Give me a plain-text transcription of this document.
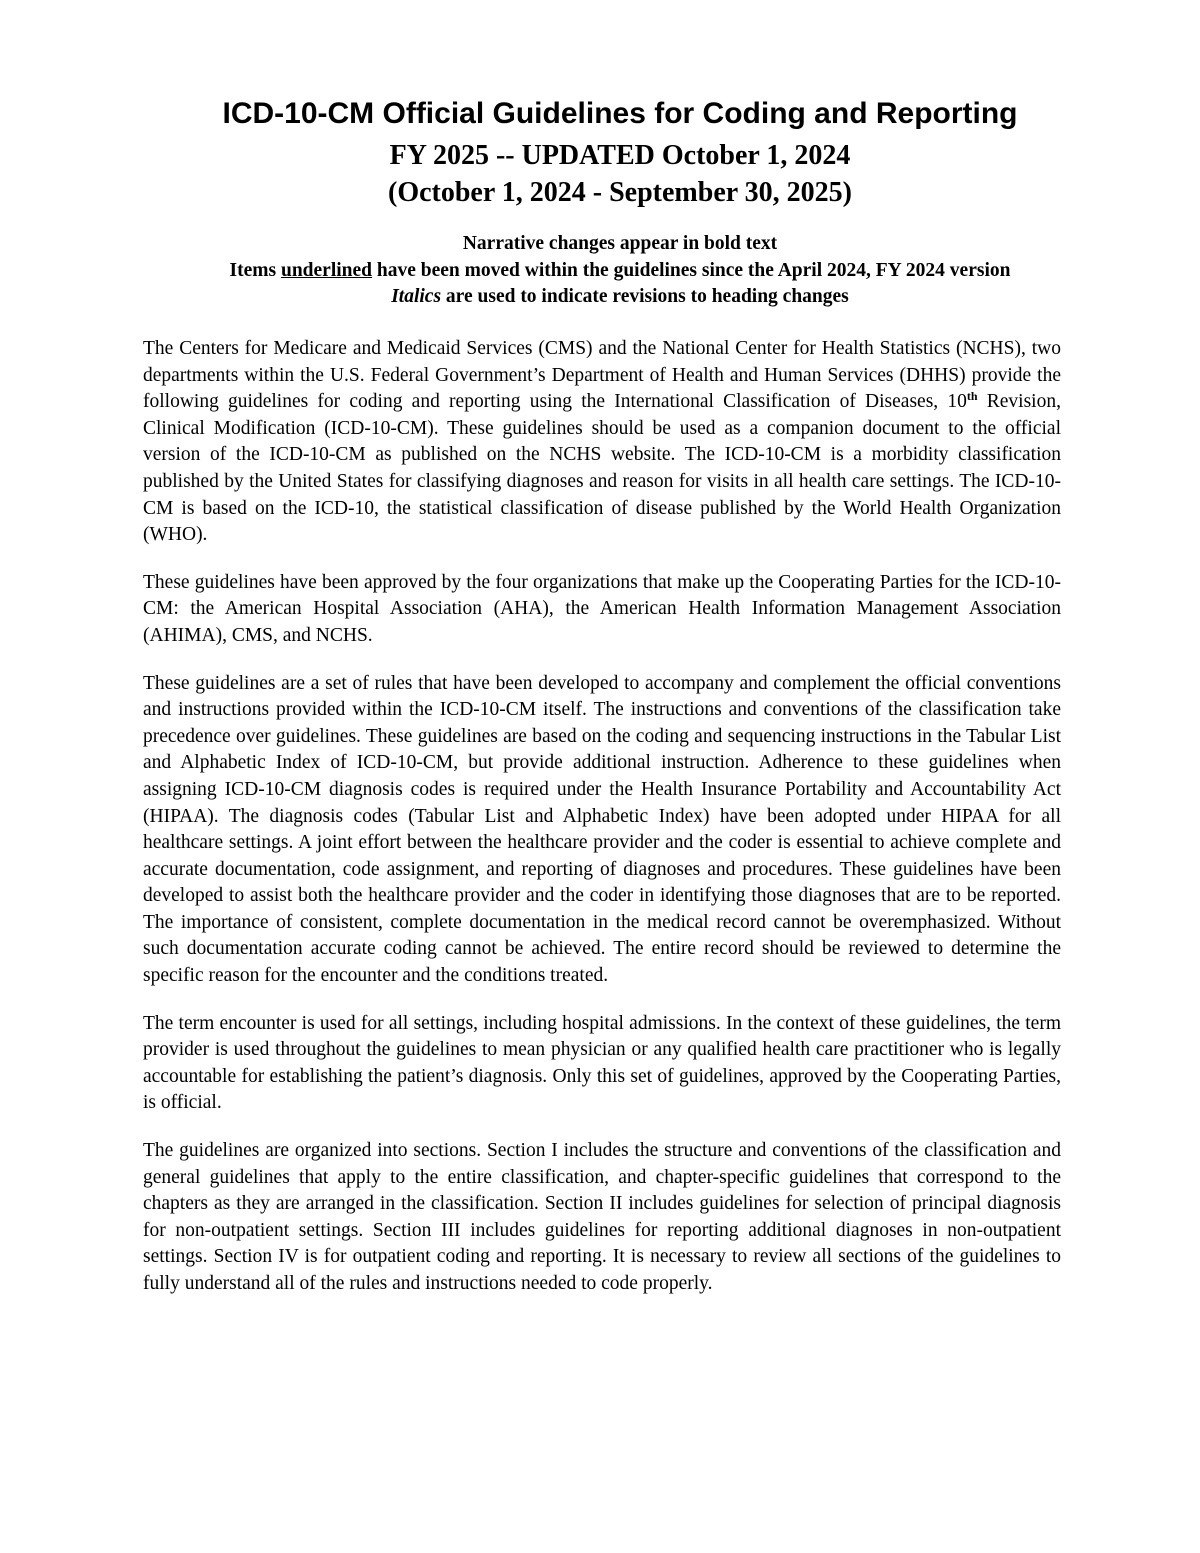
ICD-10-CM Official Guidelines for Coding and Reporting
FY 2025 -- UPDATED October 1, 2024
(October 1, 2024 - September 30, 2025)
Narrative changes appear in bold text
Items underlined have been moved within the guidelines since the April 2024, FY 2024 version
Italics are used to indicate revisions to heading changes

The Centers for Medicare and Medicaid Services (CMS) and the National Center for Health Statistics (NCHS), two departments within the U.S. Federal Government’s Department of Health and Human Services (DHHS) provide the following guidelines for coding and reporting using the International Classification of Diseases, 10th Revision, Clinical Modification (ICD-10-CM). These guidelines should be used as a companion document to the official version of the ICD-10-CM as published on the NCHS website. The ICD-10-CM is a morbidity classification published by the United States for classifying diagnoses and reason for visits in all health care settings. The ICD-10-CM is based on the ICD-10, the statistical classification of disease published by the World Health Organization (WHO).

These guidelines have been approved by the four organizations that make up the Cooperating Parties for the ICD-10-CM: the American Hospital Association (AHA), the American Health Information Management Association (AHIMA), CMS, and NCHS.

These guidelines are a set of rules that have been developed to accompany and complement the official conventions and instructions provided within the ICD-10-CM itself. The instructions and conventions of the classification take precedence over guidelines. These guidelines are based on the coding and sequencing instructions in the Tabular List and Alphabetic Index of ICD-10-CM, but provide additional instruction. Adherence to these guidelines when assigning ICD-10-CM diagnosis codes is required under the Health Insurance Portability and Accountability Act (HIPAA). The diagnosis codes (Tabular List and Alphabetic Index) have been adopted under HIPAA for all healthcare settings. A joint effort between the healthcare provider and the coder is essential to achieve complete and accurate documentation, code assignment, and reporting of diagnoses and procedures. These guidelines have been developed to assist both the healthcare provider and the coder in identifying those diagnoses that are to be reported. The importance of consistent, complete documentation in the medical record cannot be overemphasized. Without such documentation accurate coding cannot be achieved. The entire record should be reviewed to determine the specific reason for the encounter and the conditions treated.

The term encounter is used for all settings, including hospital admissions. In the context of these guidelines, the term provider is used throughout the guidelines to mean physician or any qualified health care practitioner who is legally accountable for establishing the patient’s diagnosis. Only this set of guidelines, approved by the Cooperating Parties, is official.

The guidelines are organized into sections. Section I includes the structure and conventions of the classification and general guidelines that apply to the entire classification, and chapter-specific guidelines that correspond to the chapters as they are arranged in the classification. Section II includes guidelines for selection of principal diagnosis for non-outpatient settings. Section III includes guidelines for reporting additional diagnoses in non-outpatient settings. Section IV is for outpatient coding and reporting. It is necessary to review all sections of the guidelines to fully understand all of the rules and instructions needed to code properly.
